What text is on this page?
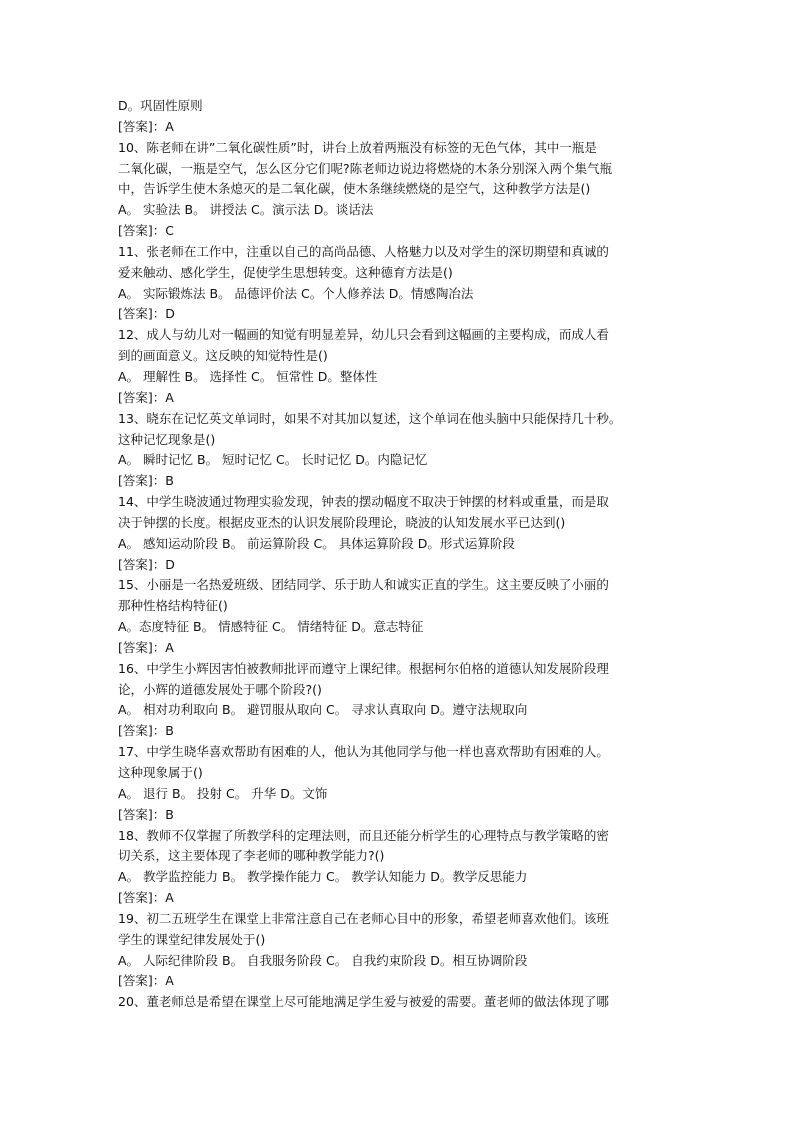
D。巩固性原则
[答案]：A
10、陈老师在讲”二氧化碳性质”时，讲台上放着两瓶没有标签的无色气体，其中一瓶是
二氧化碳，一瓶是空气，怎么区分它们呢?陈老师边说边将燃烧的木条分别深入两个集气瓶
中，告诉学生使木条熄灭的是二氧化碳，使木条继续燃烧的是空气，这种教学方法是()
A。 实验法 B。 讲授法 C。演示法 D。谈话法
[答案]：C
11、张老师在工作中，注重以自己的高尚品德、人格魅力以及对学生的深切期望和真诚的
爱来触动、感化学生，促使学生思想转变。这种德育方法是()
A。 实际锻炼法 B。 品德评价法 C。个人修养法 D。情感陶冶法
[答案]：D
12、成人与幼儿对一幅画的知觉有明显差异，幼儿只会看到这幅画的主要构成，而成人看
到的画面意义。这反映的知觉特性是()
A。 理解性 B。 选择性 C。 恒常性 D。整体性
[答案]：A
13、晓东在记忆英文单词时，如果不对其加以复述，这个单词在他头脑中只能保持几十秒。
这种记忆现象是()
A。 瞬时记忆 B。 短时记忆 C。 长时记忆 D。内隐记忆
[答案]：B
14、中学生晓波通过物理实验发现，钟表的摆动幅度不取决于钟摆的材料或重量，而是取
决于钟摆的长度。根据皮亚杰的认识发展阶段理论，晓波的认知发展水平已达到()
A。 感知运动阶段 B。 前运算阶段 C。 具体运算阶段 D。形式运算阶段
[答案]：D
15、小丽是一名热爱班级、团结同学、乐于助人和诚实正直的学生。这主要反映了小丽的
那种性格结构特征()
A。态度特征 B。 情感特征 C。 情绪特征 D。意志特征
[答案]：A
16、中学生小辉因害怕被教师批评而遵守上课纪律。根据柯尔伯格的道德认知发展阶段理
论，小辉的道德发展处于哪个阶段?()
A。 相对功利取向 B。 避罚服从取向 C。 寻求认真取向 D。遵守法规取向
[答案]：B
17、中学生晓华喜欢帮助有困难的人，他认为其他同学与他一样也喜欢帮助有困难的人。
这种现象属于()
A。 退行 B。 投射 C。 升华 D。文饰
[答案]：B
18、教师不仅掌握了所教学科的定理法则，而且还能分析学生的心理特点与教学策略的密
切关系，这主要体现了李老师的哪种教学能力?()
A。 教学监控能力 B。 教学操作能力 C。 教学认知能力 D。教学反思能力
[答案]：A
19、初二五班学生在课堂上非常注意自己在老师心目中的形象，希望老师喜欢他们。该班
学生的课堂纪律发展处于()
A。 人际纪律阶段 B。 自我服务阶段 C。 自我约束阶段 D。相互协调阶段
[答案]：A
20、董老师总是希望在课堂上尽可能地满足学生爱与被爱的需要。董老师的做法体现了哪
